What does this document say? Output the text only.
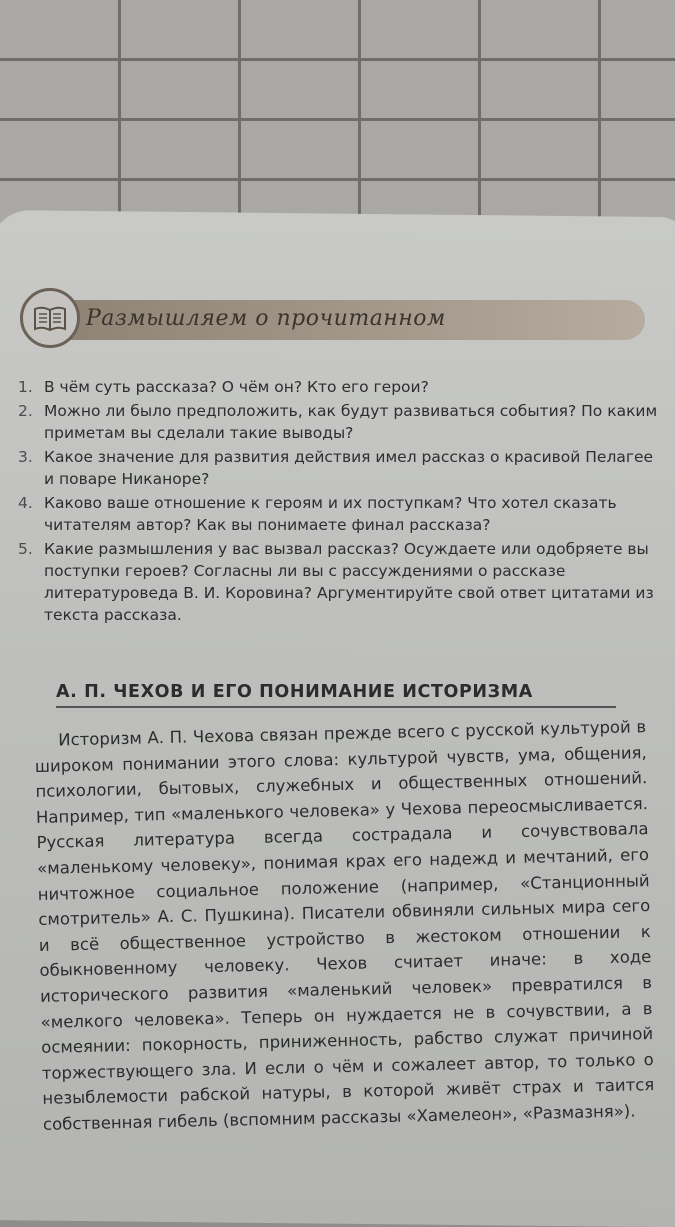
Размышляем о прочитанном
1. В чём суть рассказа? О чём он? Кто его герои?
2. Можно ли было предположить, как будут развиваться события? По каким приметам вы сделали такие выводы?
3. Какое значение для развития действия имел рассказ о красивой Пелагее и поваре Никаноре?
4. Каково ваше отношение к героям и их поступкам? Что хотел сказать читателям автор? Как вы понимаете финал рассказа?
5. Какие размышления у вас вызвал рассказ? Осуждаете или одобряете вы поступки героев? Согласны ли вы с рассуждениями о рассказе литературоведа В. И. Коровина? Аргументируйте свой ответ цитатами из текста рассказа.
А. П. ЧЕХОВ И ЕГО ПОНИМАНИЕ ИСТОРИЗМА

Историзм А. П. Чехова связан прежде всего с русской культурой в широком понимании этого слова: культурой чувств, ума, общения, психологии, бытовых, служебных и общественных отношений. Например, тип «маленького человека» у Чехова переосмысливается. Русская литература всегда сострадала и сочувствовала «маленькому человеку», понимая крах его надежд и мечтаний, его ничтожное социальное положение (например, «Станционный смотритель» А. С. Пушкина). Писатели обвиняли сильных мира сего и всё общественное устройство в жестоком отношении к обыкновенному человеку. Чехов считает иначе: в ходе исторического развития «маленький человек» превратился в «мелкого человека». Теперь он нуждается не в сочувствии, а в осмеянии: покорность, приниженность, рабство служат причиной торжествующего зла. И если о чём и сожалеет автор, то только о незыблемости рабской натуры, в которой живёт страх и таится собственная гибель (вспомним рассказы «Хамелеон», «Размазня»).
